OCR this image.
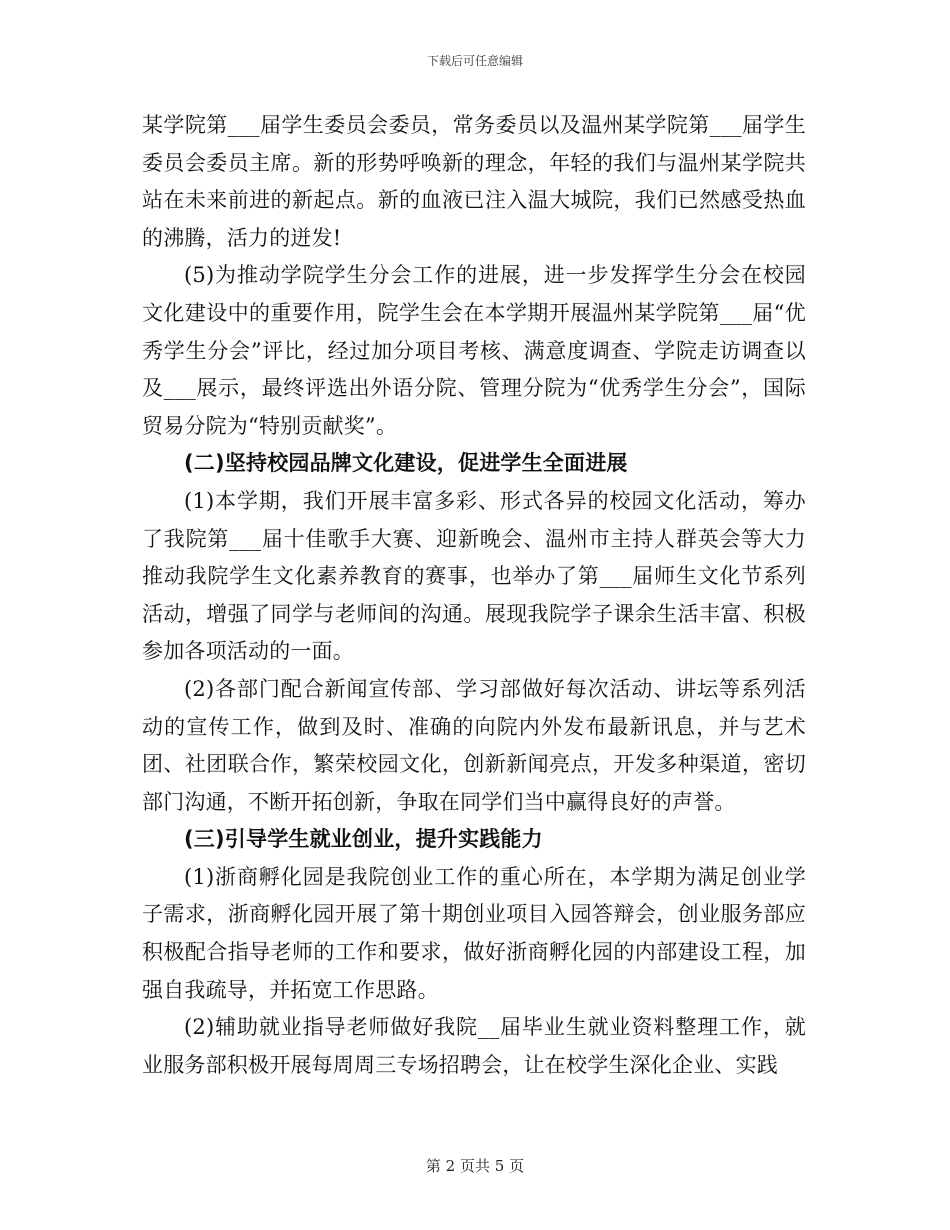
下载后可任意编辑

某学院第___届学生委员会委员，常务委员以及温州某学院第___届学生委员会委员主席。新的形势呼唤新的理念，年轻的我们与温州某学院共站在未来前进的新起点。新的血液已注入温大城院，我们已然感受热血的沸腾，活力的迸发!

(5)为推动学院学生分会工作的进展，进一步发挥学生分会在校园文化建设中的重要作用，院学生会在本学期开展温州某学院第___届“优秀学生分会”评比，经过加分项目考核、满意度调查、学院走访调查以及___展示，最终评选出外语分院、管理分院为“优秀学生分会”，国际贸易分院为“特别贡献奖”。

(二)坚持校园品牌文化建设，促进学生全面进展

(1)本学期，我们开展丰富多彩、形式各异的校园文化活动，筹办了我院第___届十佳歌手大赛、迎新晚会、温州市主持人群英会等大力推动我院学生文化素养教育的赛事，也举办了第___届师生文化节系列活动，增强了同学与老师间的沟通。展现我院学子课余生活丰富、积极参加各项活动的一面。

(2)各部门配合新闻宣传部、学习部做好每次活动、讲坛等系列活动的宣传工作，做到及时、准确的向院内外发布最新讯息，并与艺术团、社团联合作，繁荣校园文化，创新新闻亮点，开发多种渠道，密切部门沟通，不断开拓创新，争取在同学们当中赢得良好的声誉。

(三)引导学生就业创业，提升实践能力

(1)浙商孵化园是我院创业工作的重心所在，本学期为满足创业学子需求，浙商孵化园开展了第十期创业项目入园答辩会，创业服务部应积极配合指导老师的工作和要求，做好浙商孵化园的内部建设工程，加强自我疏导，并拓宽工作思路。

(2)辅助就业指导老师做好我院__届毕业生就业资料整理工作，就业服务部积极开展每周周三专场招聘会，让在校学生深化企业、实践

第 2 页共 5 页
